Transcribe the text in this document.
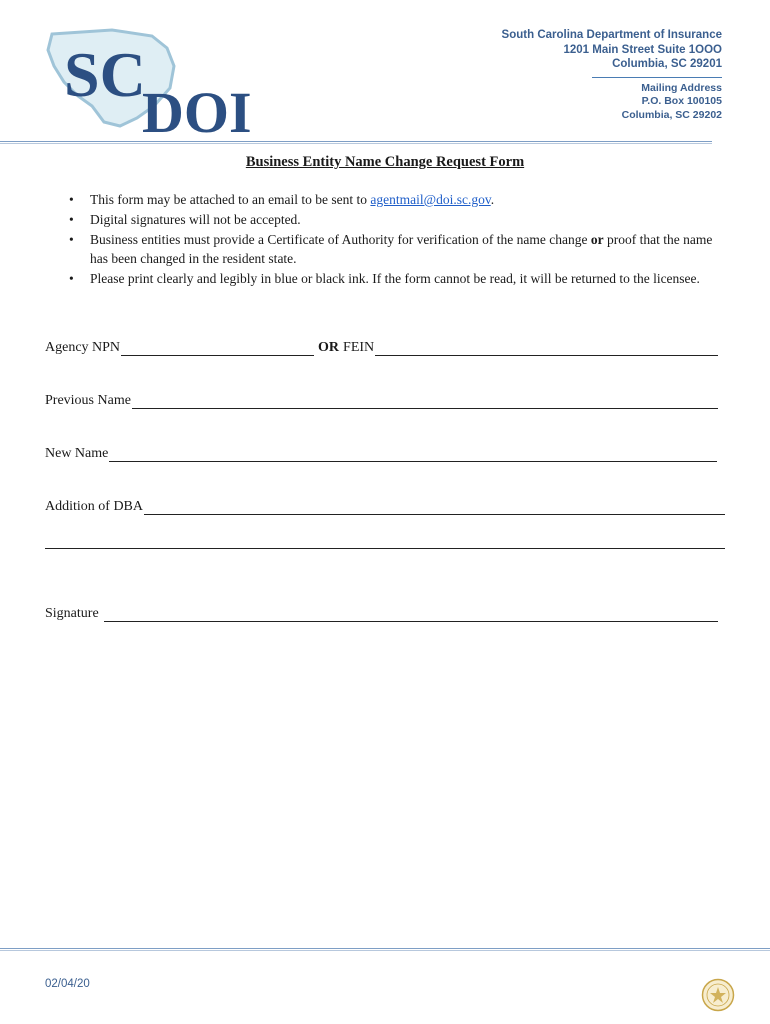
SC
DOI
South Carolina Department of Insurance
1201 Main Street Suite 1OOO
Columbia, SC 29201
Mailing Address
P.O. Box 100105
Columbia, SC 29202
Business Entity Name Change Request Form
• This form may be attached to an email to be sent to agentmail@doi.sc.gov.
• Digital signatures will not be accepted.
• Business entities must provide a Certificate of Authority for verification of the name change or proof that the name has been changed in the resident state.
• Please print clearly and legibly in blue or black ink. If the form cannot be read, it will be returned to the licensee.
Agency NPN	OR FEIN
Previous Name
New Name
Addition of DBA
Signature
02/04/20
